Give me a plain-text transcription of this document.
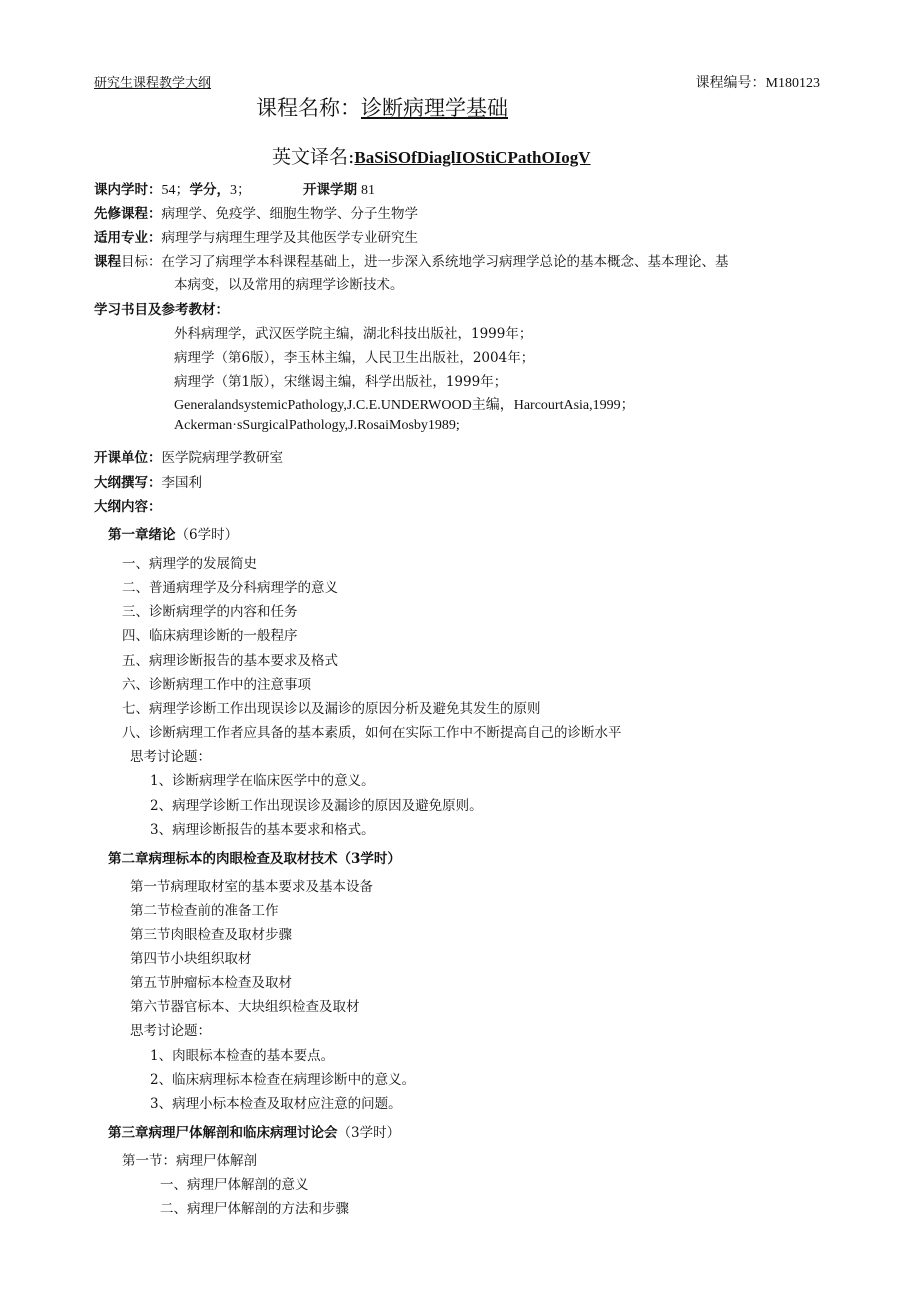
研究生课程教学大纲	课程编号：M180123
课程名称：诊断病理学基础
英文译名:BaSiSOfDiaglIOStiCPathOIogV
课内学时：54；学分，3；	开课学期 81
先修课程：病理学、免疫学、细胞生物学、分子生物学
适用专业：病理学与病理生理学及其他医学专业研究生
课程目标：在学习了病理学本科课程基础上，进一步深入系统地学习病理学总论的基本概念、基本理论、基
本病变，以及常用的病理学诊断技术。
学习书目及参考教材：
外科病理学，武汉医学院主编，湖北科技出版社，1999年；
病理学（第6版），李玉林主编，人民卫生出版社，2004年；
病理学（第1版），宋继谒主编，科学出版社，1999年；
GeneralandsystemicPathology,J.C.E.UNDERWOOD主编，HarcourtAsia,1999；
Ackerman·sSurgicalPathology,J.RosaiMosby1989;
开课单位：医学院病理学教研室
大纲撰写：李国利
大纲内容：
第一章绪论（6学时）
一、病理学的发展简史
二、普通病理学及分科病理学的意义
三、诊断病理学的内容和任务
四、临床病理诊断的一般程序
五、病理诊断报告的基本要求及格式
六、诊断病理工作中的注意事项
七、病理学诊断工作出现误诊以及漏诊的原因分析及避免其发生的原则
八、诊断病理工作者应具备的基本素质，如何在实际工作中不断提高自己的诊断水平
思考讨论题：
1、诊断病理学在临床医学中的意义。
2、病理学诊断工作出现误诊及漏诊的原因及避免原则。
3、病理诊断报告的基本要求和格式。
第二章病理标本的肉眼检查及取材技术（3学时）
第一节病理取材室的基本要求及基本设备
第二节检查前的准备工作
第三节肉眼检查及取材步骤
第四节小块组织取材
第五节肿瘤标本检查及取材
第六节器官标本、大块组织检查及取材
思考讨论题：
1、肉眼标本检查的基本要点。
2、临床病理标本检查在病理诊断中的意义。
3、病理小标本检查及取材应注意的问题。
第三章病理尸体解剖和临床病理讨论会（3学时）
第一节：病理尸体解剖
一、病理尸体解剖的意义
二、病理尸体解剖的方法和步骤
